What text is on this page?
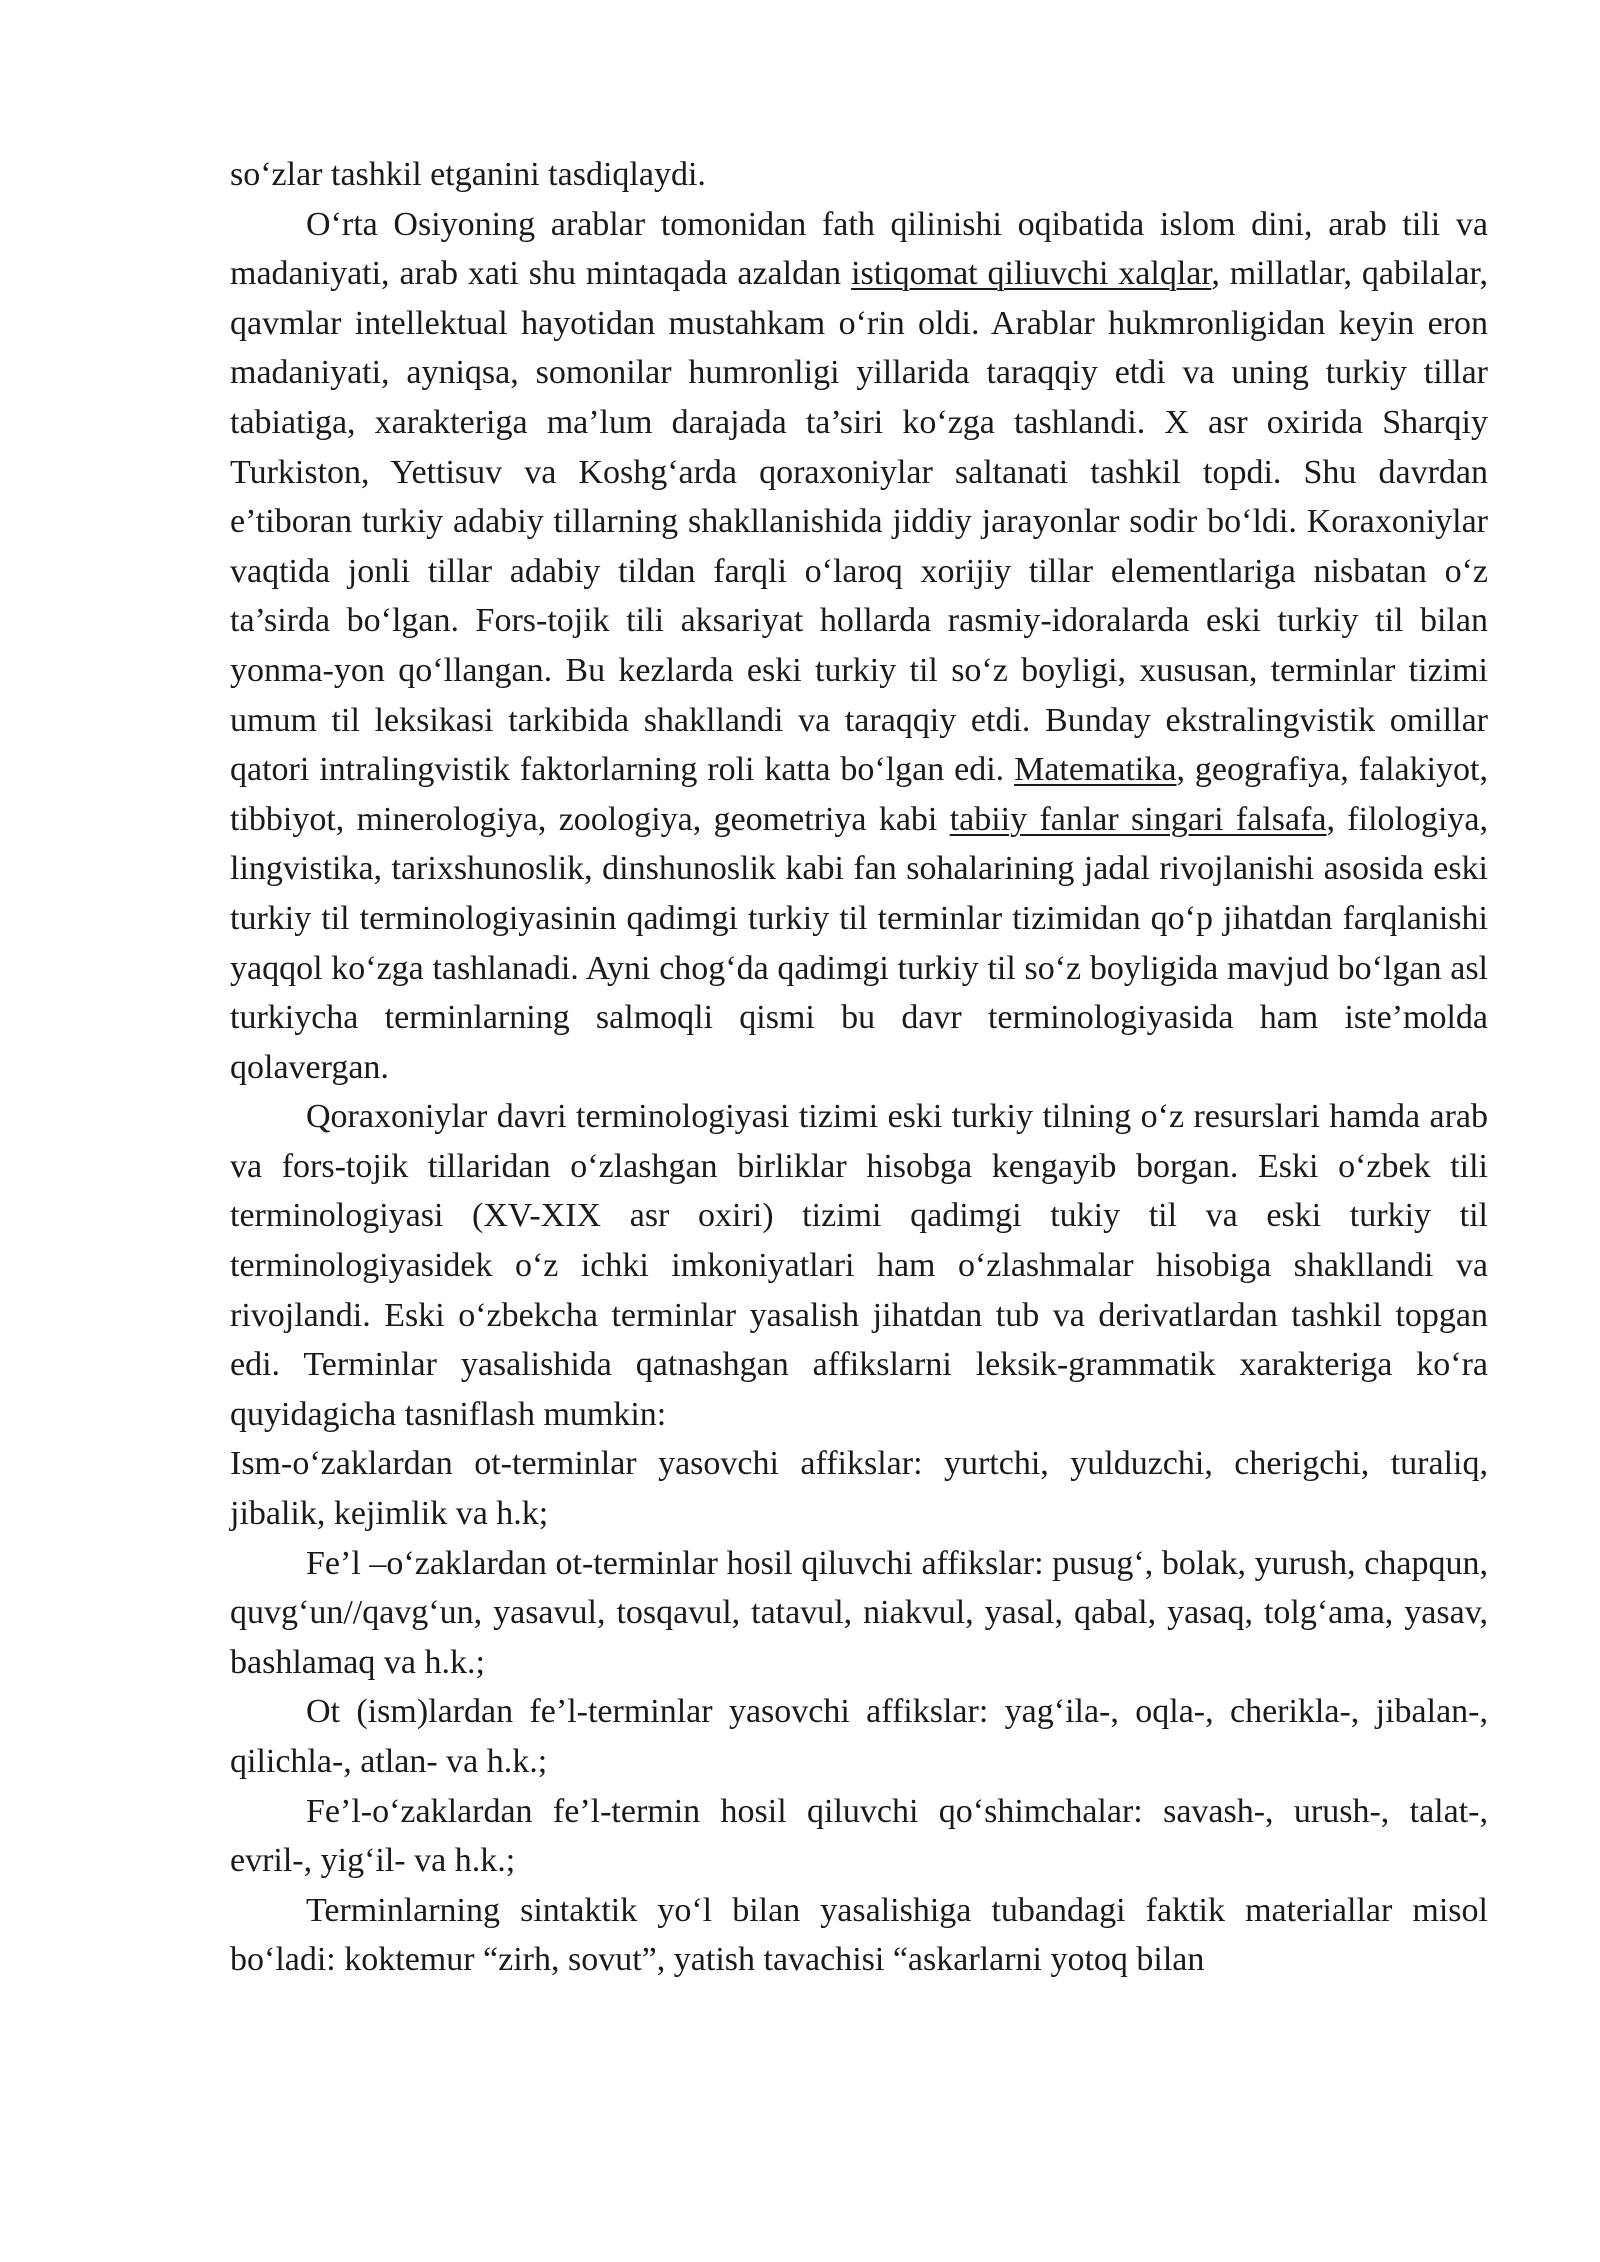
so‘zlar tashkil etganini tasdiqlaydi.

O‘rta Osiyoning arablar tomonidan fath qilinishi oqibatida islom dini, arab tili va madaniyati, arab xati shu mintaqada azaldan istiqomat qiliuvchi xalqlar, millatlar, qabilalar, qavmlar intellektual hayotidan mustahkam o‘rin oldi. Arablar hukmronligidan keyin eron madaniyati, ayniqsa, somonilar humronligi yillarida taraqqiy etdi va uning turkiy tillar tabiatiga, xarakteriga ma’lum darajada ta’siri ko‘zga tashlandi. X asr oxirida Sharqiy Turkiston, Yettisuv va Koshg‘arda qoraxoniylar saltanati tashkil topdi. Shu davrdan e’tiboran turkiy adabiy tillarning shakllanishida jiddiy jarayonlar sodir bo‘ldi. Koraxoniylar vaqtida jonli tillar adabiy tildan farqli o‘laroq xorijiy tillar elementlariga nisbatan o‘z ta’sirda bo‘lgan. Fors-tojik tili aksariyat hollarda rasmiy-idoralarda eski turkiy til bilan yonma-yon qo‘llangan. Bu kezlarda eski turkiy til so‘z boyligi, xususan, terminlar tizimi umum til leksikasi tarkibida shakllandi va taraqqiy etdi. Bunday ekstralingvistik omillar qatori intralingvistik faktorlarning roli katta bo‘lgan edi. Matematika, geografiya, falakiyot, tibbiyot, minerologiya, zoologiya, geometriya kabi tabiiy fanlar singari falsafa, filologiya, lingvistika, tarixshunoslik, dinshunoslik kabi fan sohalarining jadal rivojlanishi asosida eski turkiy til terminologiyasinin qadimgi turkiy til terminlar tizimidan qo‘p jihatdan farqlanishi yaqqol ko‘zga tashlanadi. Ayni chog‘da qadimgi turkiy til so‘z boyligida mavjud bo‘lgan asl turkiycha terminlarning salmoqli qismi bu davr terminologiyasida ham iste’molda qolavergan.

Qoraxoniylar davri terminologiyasi tizimi eski turkiy tilning o‘z resurslari hamda arab va fors-tojik tillaridan o‘zlashgan birliklar hisobga kengayib borgan. Eski o‘zbek tili terminologiyasi (XV-XIX asr oxiri) tizimi qadimgi tukiy til va eski turkiy til terminologiyasidek o‘z ichki imkoniyatlari ham o‘zlashmalar hisobiga shakllandi va rivojlandi. Eski o‘zbekcha terminlar yasalish jihatdan tub va derivatlardan tashkil topgan edi. Terminlar yasalishida qatnashgan affikslarni leksik-grammatik xarakteriga ko‘ra quyidagicha tasniflash mumkin:

Ism-o‘zaklardan ot-terminlar yasovchi affikslar: yurtchi, yulduzchi, cherigchi, turaliq, jibalik, kejimlik va h.k;

Fe’l –o‘zaklardan ot-terminlar hosil qiluvchi affikslar: pusug‘, bolak, yurush, chapqun, quvg‘un//qavg‘un, yasavul, tosqavul, tatavul, niakvul, yasal, qabal, yasaq, tolg‘ama, yasav, bashlamaq va h.k.;

Ot (ism)lardan fe’l-terminlar yasovchi affikslar: yag‘ila-, oqla-, cherikla-, jibalan-, qilichla-, atlan- va h.k.;

Fe’l-o‘zaklardan fe’l-termin hosil qiluvchi qo‘shimchalar: savash-, urush-, talat-, evril-, yig‘il- va h.k.;

Terminlarning sintaktik yo‘l bilan yasalishiga tubandagi faktik materiallar misol bo‘ladi: koktemur “zirh, sovut”, yatish tavachisi “askarlarni yotoq bilan
